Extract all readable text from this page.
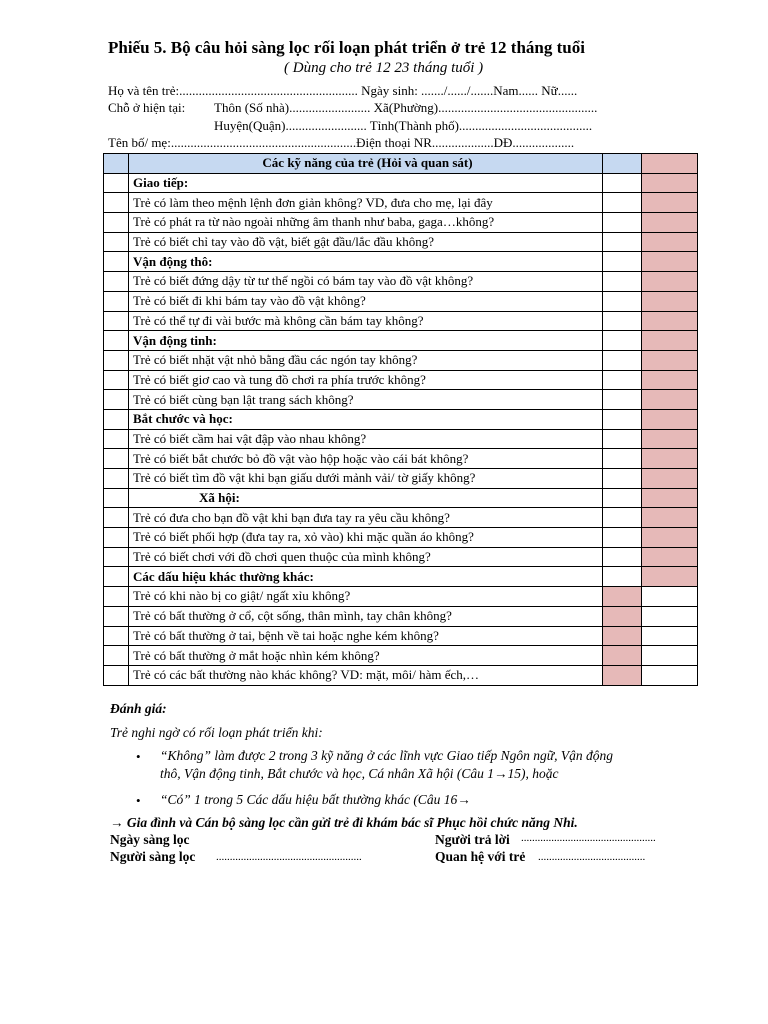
Phiếu 5. Bộ câu hỏi sàng lọc rối loạn phát triển ở trẻ 12 tháng tuổi
( Dùng cho trẻ 12 23 tháng tuổi )
Họ và tên trẻ:....................................................... Ngày sinh: ......./....../.......Nam...... Nữ......
Chỗ ở hiện tại: Thôn (Số nhà)......................... Xã(Phường).................................................
Huyện(Quận)......................... Tỉnh(Thành phố).........................................
Tên bố/ mẹ:.........................................................Điện thoại NR...................DĐ...................
	Các kỹ năng của trẻ (Hỏi và quan sát)		
	Giao tiếp:		
	Trẻ có làm theo mệnh lệnh đơn giản không? VD, đưa cho mẹ, lại đây		
	Trẻ có phát ra từ nào ngoài những âm thanh như baba, gaga…không?		
	Trẻ có biết chỉ tay vào đồ vật, biết gật đầu/lắc đầu không?		
	Vận động thô:		
	Trẻ có biết đứng dậy từ tư thế ngồi có bám tay vào đồ vật không?		
	Trẻ có biết đi khi bám tay vào đồ vật không?		
	Trẻ có thể tự đi vài bước mà không cần bám tay không?		
	Vận động tinh:		
	Trẻ có biết nhặt vật nhỏ bằng đầu các ngón tay không?		
	Trẻ có biết giơ cao và tung đồ chơi ra phía trước không?		
	Trẻ có biết cùng bạn lật trang sách không?		
	Bắt chước và học:		
	Trẻ có biết cầm hai vật đập vào nhau không?		
	Trẻ có biết bắt chước bỏ đồ vật vào hộp hoặc vào cái bát không?		
	Trẻ có biết tìm đồ vật khi bạn giấu dưới mảnh vải/ tờ giấy không?		
	Xã hội:		
	Trẻ có đưa cho bạn đồ vật khi bạn đưa tay ra yêu cầu không?		
	Trẻ có biết phối hợp (đưa tay ra, xỏ vào) khi mặc quần áo không?		
	Trẻ có biết chơi với đồ chơi quen thuộc của mình không?		
	Các dấu hiệu khác thường khác:		
	Trẻ có khi nào bị co giật/ ngất xỉu không?		
	Trẻ có bất thường ở cổ, cột sống, thân mình, tay chân không?		
	Trẻ có bất thường ở tai, bệnh về tai hoặc nghe kém không?		
	Trẻ có bất thường ở mắt hoặc nhìn kém không?		
	Trẻ có các bất thường nào khác không? VD: mặt, môi/ hàm ếch,…		
Đánh giá:
Trẻ nghi ngờ có rối loạn phát triển khi:
• “Không” làm được 2 trong 3 kỹ năng ở các lĩnh vực Giao tiếp Ngôn ngữ, Vận động
thô, Vận động tinh, Bắt chước và học, Cá nhân Xã hội (Câu 1→15), hoặc
• “Có” 1 trong 5 Các dấu hiệu bất thường khác (Câu 16→
→ Gia đình và Cán bộ sàng lọc cần gửi trẻ đi khám bác sĩ Phục hồi chức năng Nhi.
Ngày sàng lọc	Người trả lời .................................................
Người sàng lọc .....................................................	Quan hệ với trẻ .......................................
